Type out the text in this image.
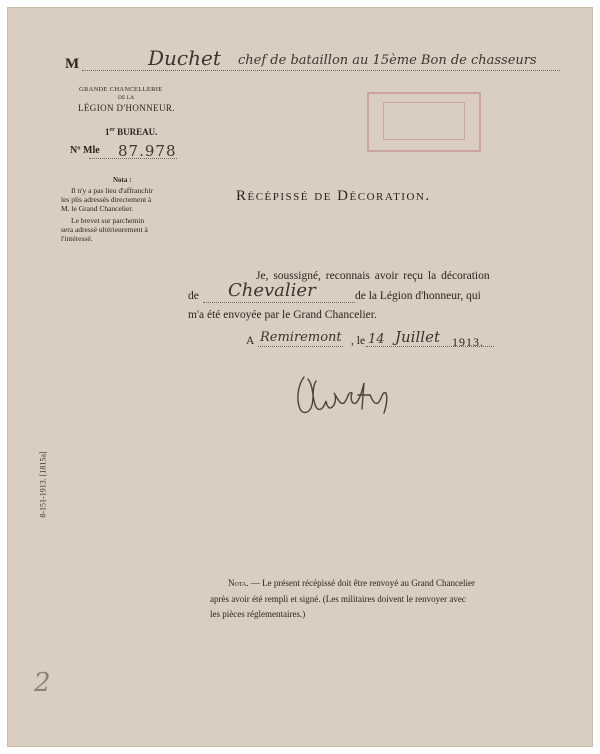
M	Duchet chef de bataillon au 15ème Bon de chasseurs
GRANDE CHANCELLERIE
DE LA
LÉGION D'HONNEUR.
1er BUREAU.
Nº Mle 87.978
Nota :
Il n'y a pas lieu d'affranchir
les plis adressés directement à
M. le Grand Chancelier.
Le brevet sur parchemin
sera adressé ultérieurement à
l'intéressé.
Récépissé de Décoration.
Je, soussigné, reconnais avoir reçu la décoration
de Chevalier	de la Légion d'honneur, qui
m'a été envoyée par le Grand Chancelier.
A Remiremont , le 14 Juillet 1913.
8-151-1913. [1815a]
Nota. — Le présent récépissé doit être renvoyé au Grand Chancelier
après avoir été rempli et signé. (Les militaires doivent le renvoyer avec
les pièces réglementaires.)
2
